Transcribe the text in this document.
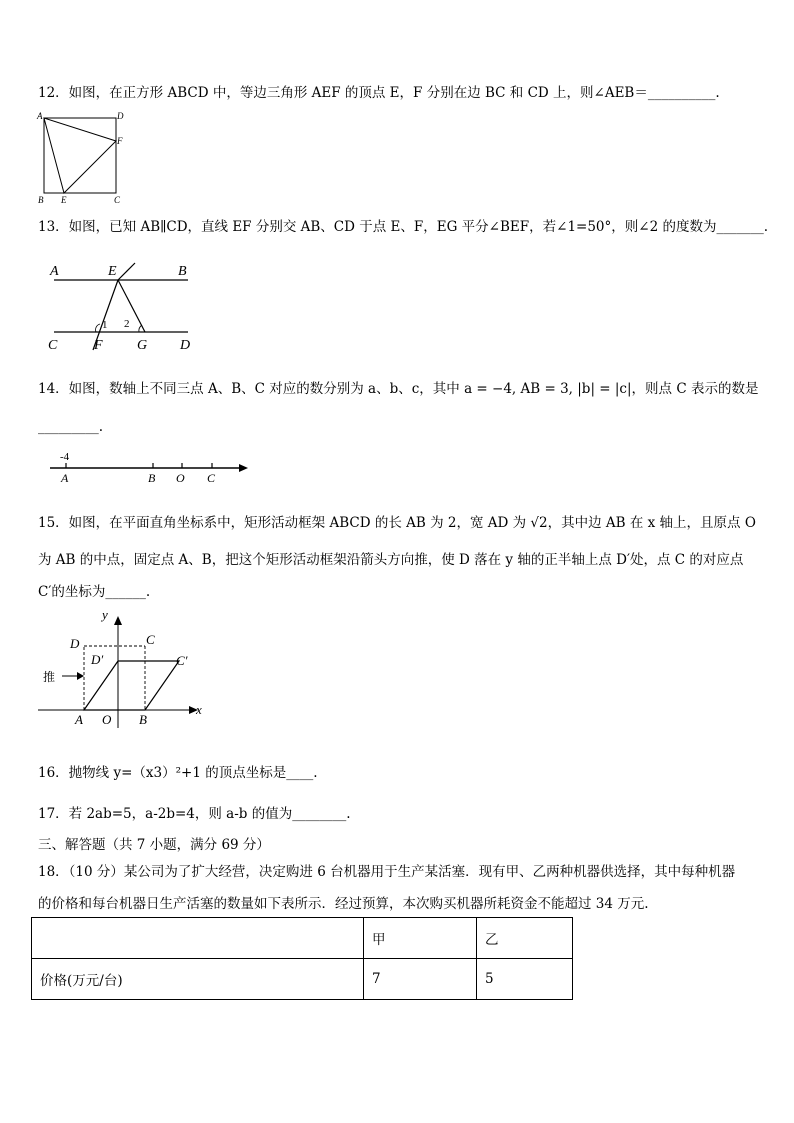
12．如图，在正方形 ABCD 中，等边三角形 AEF 的顶点 E，F 分别在边 BC 和 CD 上，则∠AEB＝__________.
A	D
F
B E	C
13．如图，已知 AB∥CD，直线 EF 分别交 AB、CD 于点 E、F，EG 平分∠BEF，若∠1=50°，则∠2 的度数为_______.
A	E	B
C	F G D
1 2
14．如图，数轴上不同三点 A、B、C 对应的数分别为 a、b、c，其中 a = −4, AB = 3, |b| = |c|，则点 C 表示的数是
_________.
-4
A	B O C
15．如图，在平面直角坐标系中，矩形活动框架 ABCD 的长 AB 为 2，宽 AD 为 √2，其中边 AB 在 x 轴上，且原点 O
为 AB 的中点，固定点 A、B，把这个矩形活动框架沿箭头方向推，使 D 落在 y 轴的正半轴上点 D′处，点 C 的对应点
C′的坐标为______.
y
D	C
D′	C′
推
A O B
x
16．抛物线 y=（x3）²+1 的顶点坐标是____.
17．若 2ab=5，a-2b=4，则 a-b 的值为________.
三、解答题（共 7 小题，满分 69 分）
18．（10 分）某公司为了扩大经营，决定购进 6 台机器用于生产某活塞．现有甲、乙两种机器供选择，其中每种机器
的价格和每台机器日生产活塞的数量如下表所示．经过预算，本次购买机器所耗资金不能超过 34 万元.
	甲	乙
价格(万元/台)	7	5
